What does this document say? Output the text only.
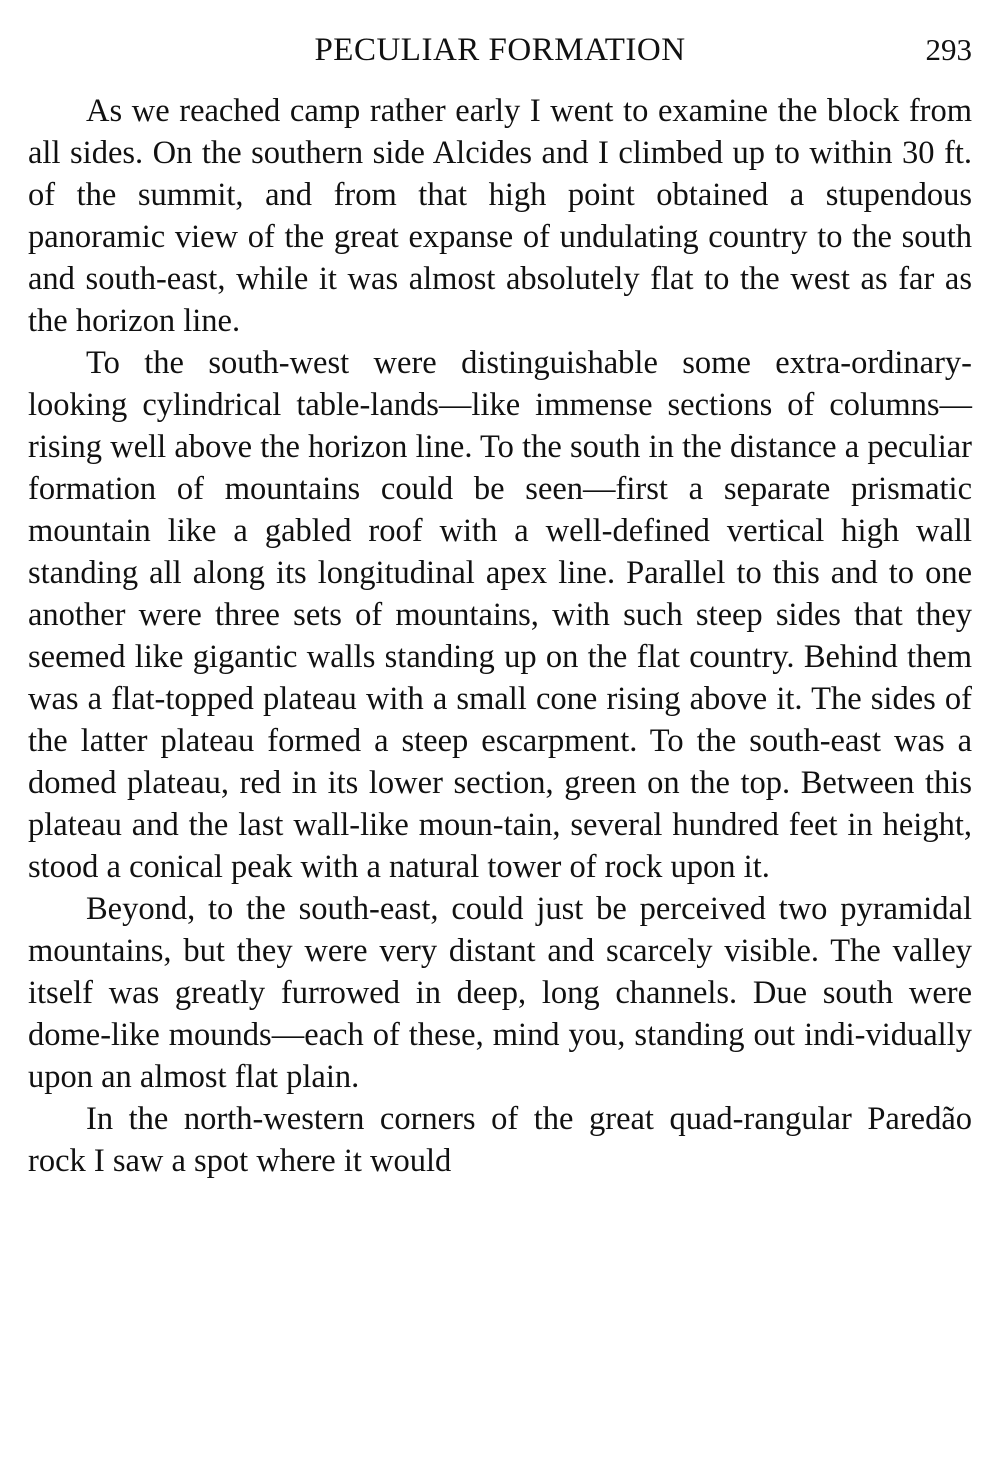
PECULIAR FORMATION	293

As we reached camp rather early I went to examine the block from all sides. On the southern side Alcides and I climbed up to within 30 ft. of the summit, and from that high point obtained a stupendous panoramic view of the great expanse of undulating country to the south and south-east, while it was almost absolutely flat to the west as far as the horizon line.

To the south-west were distinguishable some extra-ordinary-looking cylindrical table-lands—like immense sections of columns—rising well above the horizon line. To the south in the distance a peculiar formation of mountains could be seen—first a separate prismatic mountain like a gabled roof with a well-defined vertical high wall standing all along its longitudinal apex line. Parallel to this and to one another were three sets of mountains, with such steep sides that they seemed like gigantic walls standing up on the flat country. Behind them was a flat-topped plateau with a small cone rising above it. The sides of the latter plateau formed a steep escarpment. To the south-east was a domed plateau, red in its lower section, green on the top. Between this plateau and the last wall-like moun-tain, several hundred feet in height, stood a conical peak with a natural tower of rock upon it.

Beyond, to the south-east, could just be perceived two pyramidal mountains, but they were very distant and scarcely visible. The valley itself was greatly furrowed in deep, long channels. Due south were dome-like mounds—each of these, mind you, standing out indi-vidually upon an almost flat plain.

In the north-western corners of the great quad-rangular Paredão rock I saw a spot where it would
